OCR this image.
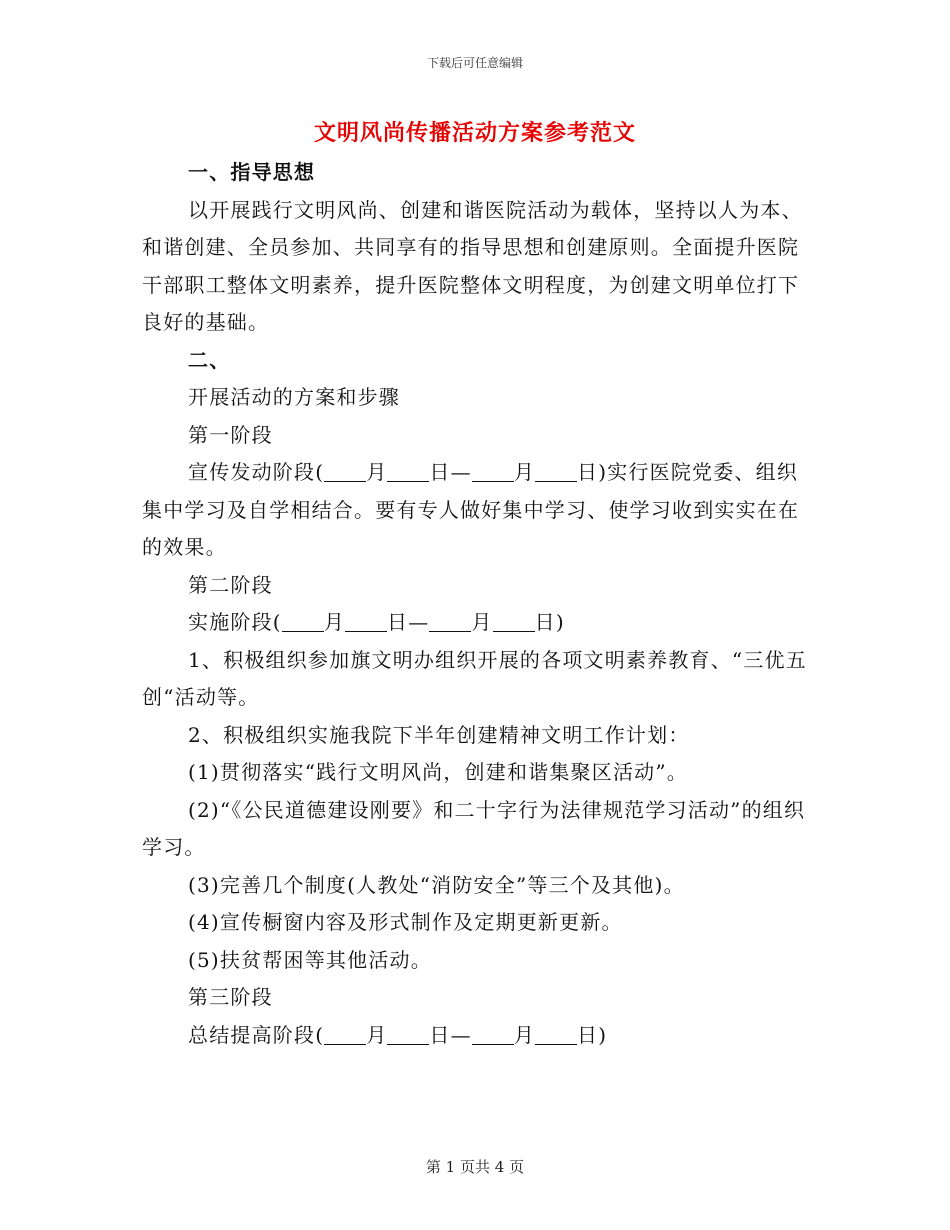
下载后可任意编辑
文明风尚传播活动方案参考范文

一、指导思想

以开展践行文明风尚、创建和谐医院活动为载体，坚持以人为本、和谐创建、全员参加、共同享有的指导思想和创建原则。全面提升医院干部职工整体文明素养，提升医院整体文明程度，为创建文明单位打下良好的基础。

二、

开展活动的方案和步骤

第一阶段

宣传发动阶段( 月 日— 月 日)实行医院党委、组织集中学习及自学相结合。要有专人做好集中学习、使学习收到实实在在的效果。

第二阶段

实施阶段( 月 日— 月 日)

1、积极组织参加旗文明办组织开展的各项文明素养教育、“三优五创“活动等。

2、积极组织实施我院下半年创建精神文明工作计划：

(1)贯彻落实“践行文明风尚，创建和谐集聚区活动”。

(2)“《公民道德建设刚要》和二十字行为法律规范学习活动”的组织学习。

(3)完善几个制度(人教处“消防安全”等三个及其他)。

(4)宣传橱窗内容及形式制作及定期更新更新。

(5)扶贫帮困等其他活动。

第三阶段

总结提高阶段( 月 日— 月 日)

第 1 页共 4 页
